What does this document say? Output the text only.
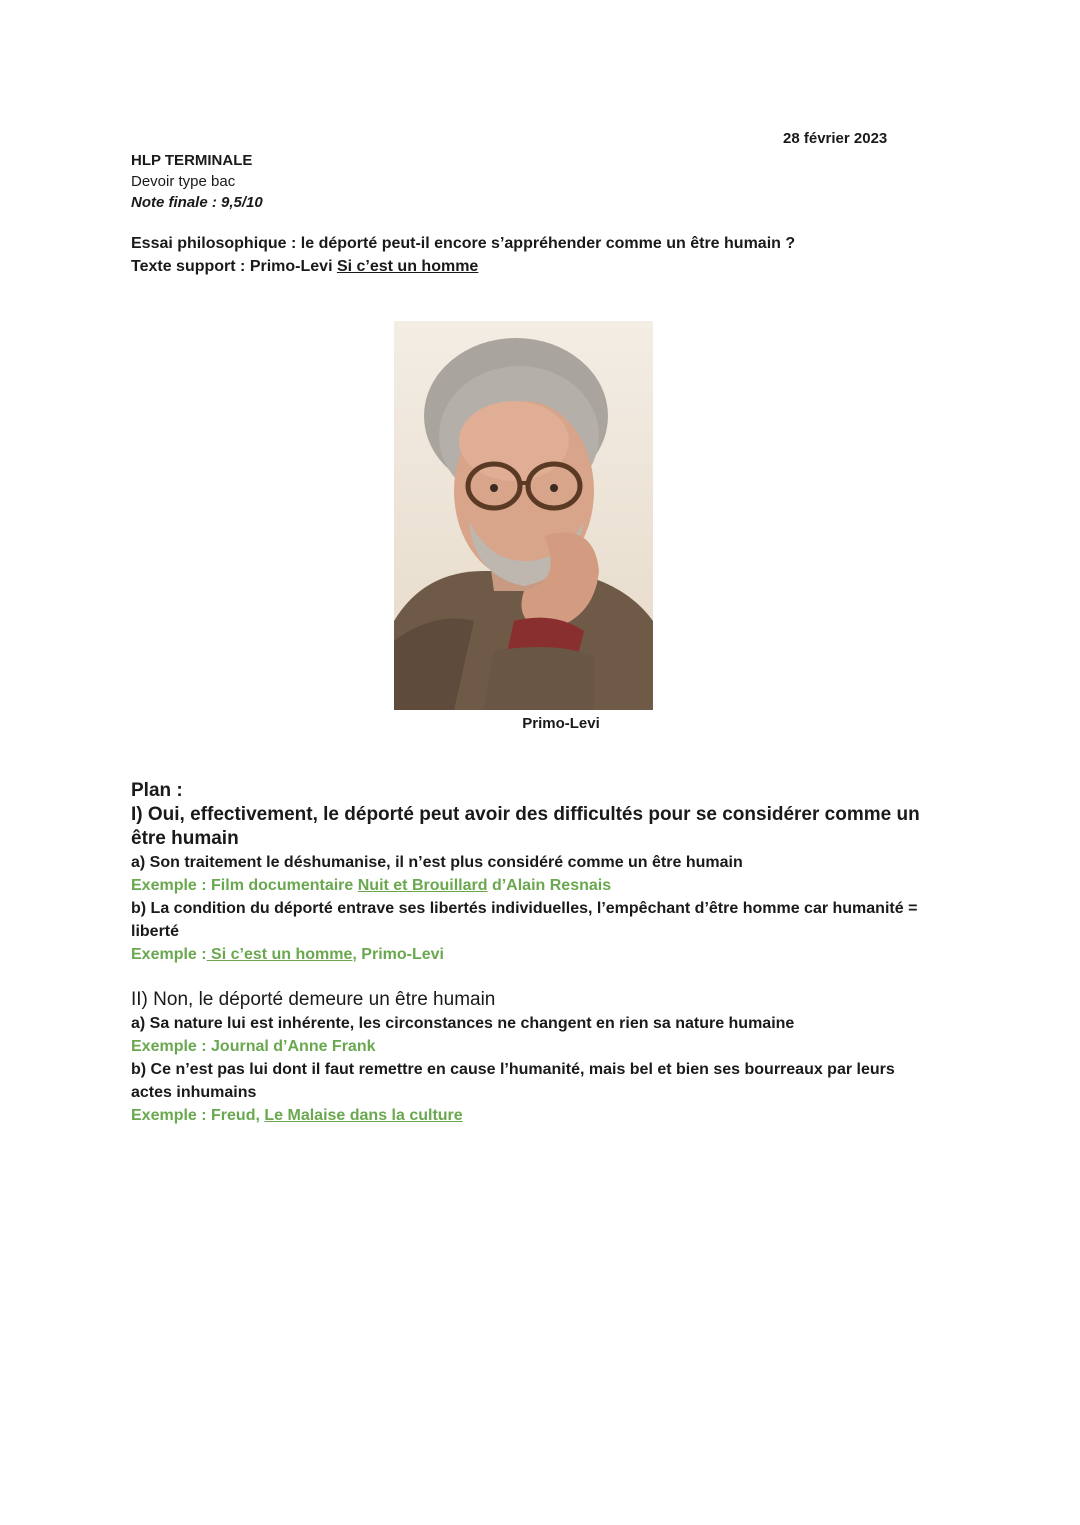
28 février 2023
HLP TERMINALE
Devoir type bac
Note finale : 9,5/10
Essai philosophique : le déporté peut-il encore s’appréhender comme un être humain ?
Texte support : Primo-Levi Si c’est un homme
Primo-Levi
Plan :
I) Oui, effectivement, le déporté peut avoir des difficultés pour se considérer comme un être humain
a) Son traitement le déshumanise, il n’est plus considéré comme un être humain
Exemple : Film documentaire Nuit et Brouillard d’Alain Resnais
b) La condition du déporté entrave ses libertés individuelles, l’empêchant d’être homme car humanité = liberté
Exemple : Si c’est un homme, Primo-Levi
II) Non, le déporté demeure un être humain
a) Sa nature lui est inhérente, les circonstances ne changent en rien sa nature humaine
Exemple : Journal d’Anne Frank
b) Ce n’est pas lui dont il faut remettre en cause l’humanité, mais bel et bien ses bourreaux par leurs actes inhumains
Exemple : Freud, Le Malaise dans la culture
